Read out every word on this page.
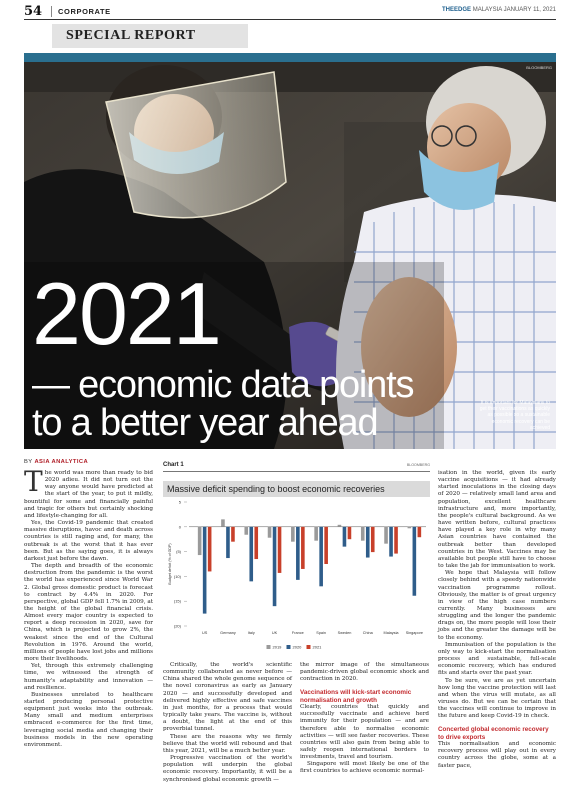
54 CORPORATE	THEEDGE MALAYSIA JANUARY 11, 2021
SPECIAL REPORT
BLOOMBERG
2021
— economic data points
to a better year ahead	It is important for Malaysians to get their vaccinations as quickly as possible so a sustainable economic recovery can be achieved
BY ASIA ANALYTICA

The world was more than ready to bid 2020 adieu. It did not turn out the way anyone would have predicted at the start of the year, to put it mildly, bountiful for some and financially painful and tragic for others but certainly shocking and lifestyle-changing for all.

Yes, the Covid-19 pandemic that created massive disruptions, havoc and death across countries is still raging and, for many, the outbreak is at the worst that it has ever been. But as the saying goes, it is always darkest just before the dawn.

The depth and breadth of the economic destruction from the pandemic is the worst the world has experienced since World War 2. Global gross domestic product is forecast to contract by 4.4% in 2020. For perspective, global GDP fell 1.7% in 2009, at the height of the global financial crisis. Almost every major country is expected to report a deep recession in 2020, save for China, which is projected to grow 2%, the weakest since the end of the Cultural Revolution in 1976. Around the world, millions of people have lost jobs and millions more their livelihoods.

Yet, through this extremely challenging time, we witnessed the strength of humanity's adaptability and innovation — and resilience.

Businesses unrelated to healthcare started producing personal protective equipment just weeks into the outbreak. Many small and medium enterprises embraced e-commerce for the first time, leveraging social media and changing their business models in the new operating environment.

Chart 1	BLOOMBERG
Massive deficit spending to boost economic recoveries
5
0
(5)
(10)
(15)
(20)
Budget deficit (% of GDP)
US	Germany	Italy	UK	France	Spain	Sweden	China	Malaysia Singapore
2019	2020	2021

Critically, the world's scientific community collaborated as never before — China shared the whole genome sequence of the novel coronavirus as early as January 2020 — and successfully developed and delivered highly effective and safe vaccines in just months, for a process that would typically take years. The vaccine is, without a doubt, the light at the end of this proverbial tunnel.

These are the reasons why we firmly believe that the world will rebound and that this year, 2021, will be a much better year.

Progressive vaccination of the world's population will underpin the global economic recovery. Importantly, it will be a synchronised global economic growth —

the mirror image of the simultaneous pandemic-driven global economic shock and contraction in 2020.

Vaccinations will kick-start economic normalisation and growth

Clearly, countries that quickly and successfully vaccinate and achieve herd immunity for their population — and are therefore able to normalise economic activities — will see faster recoveries. These countries will also gain from being able to safely reopen international borders to investments, travel and tourism.

Singapore will most likely be one of the first countries to achieve economic normal-

isation in the world, given its early vaccine acquisitions — it had already started inoculations in the closing days of 2020 — relatively small land area and population, excellent healthcare infrastructure and, more importantly, the people's cultural background. As we have written before, cultural practices have played a key role in why many Asian countries have contained the outbreak better than developed countries in the West. Vaccines may be available but people still have to choose to take the jab for immunisation to work.

We hope that Malaysia will follow closely behind with a speedy nationwide vaccination programme rollout. Obviously, the matter is of great urgency in view of the high case numbers currently. Many businesses are struggling and the longer the pandemic drags on, the more people will lose their jobs and the greater the damage will be to the economy.

Immunisation of the population is the only way to kick-start the normalisation process and sustainable, full-scale economic recovery, which has endured fits and starts over the past year.

To be sure, we are as yet uncertain how long the vaccine protection will last and when the virus will mutate, as all viruses do. But we can be certain that the vaccines will continue to improve in the future and keep Covid-19 in check.

Concerted global economic recovery to drive exports

This normalisation and economic recovery process will play out in every country across the globe, some at a faster pace,
